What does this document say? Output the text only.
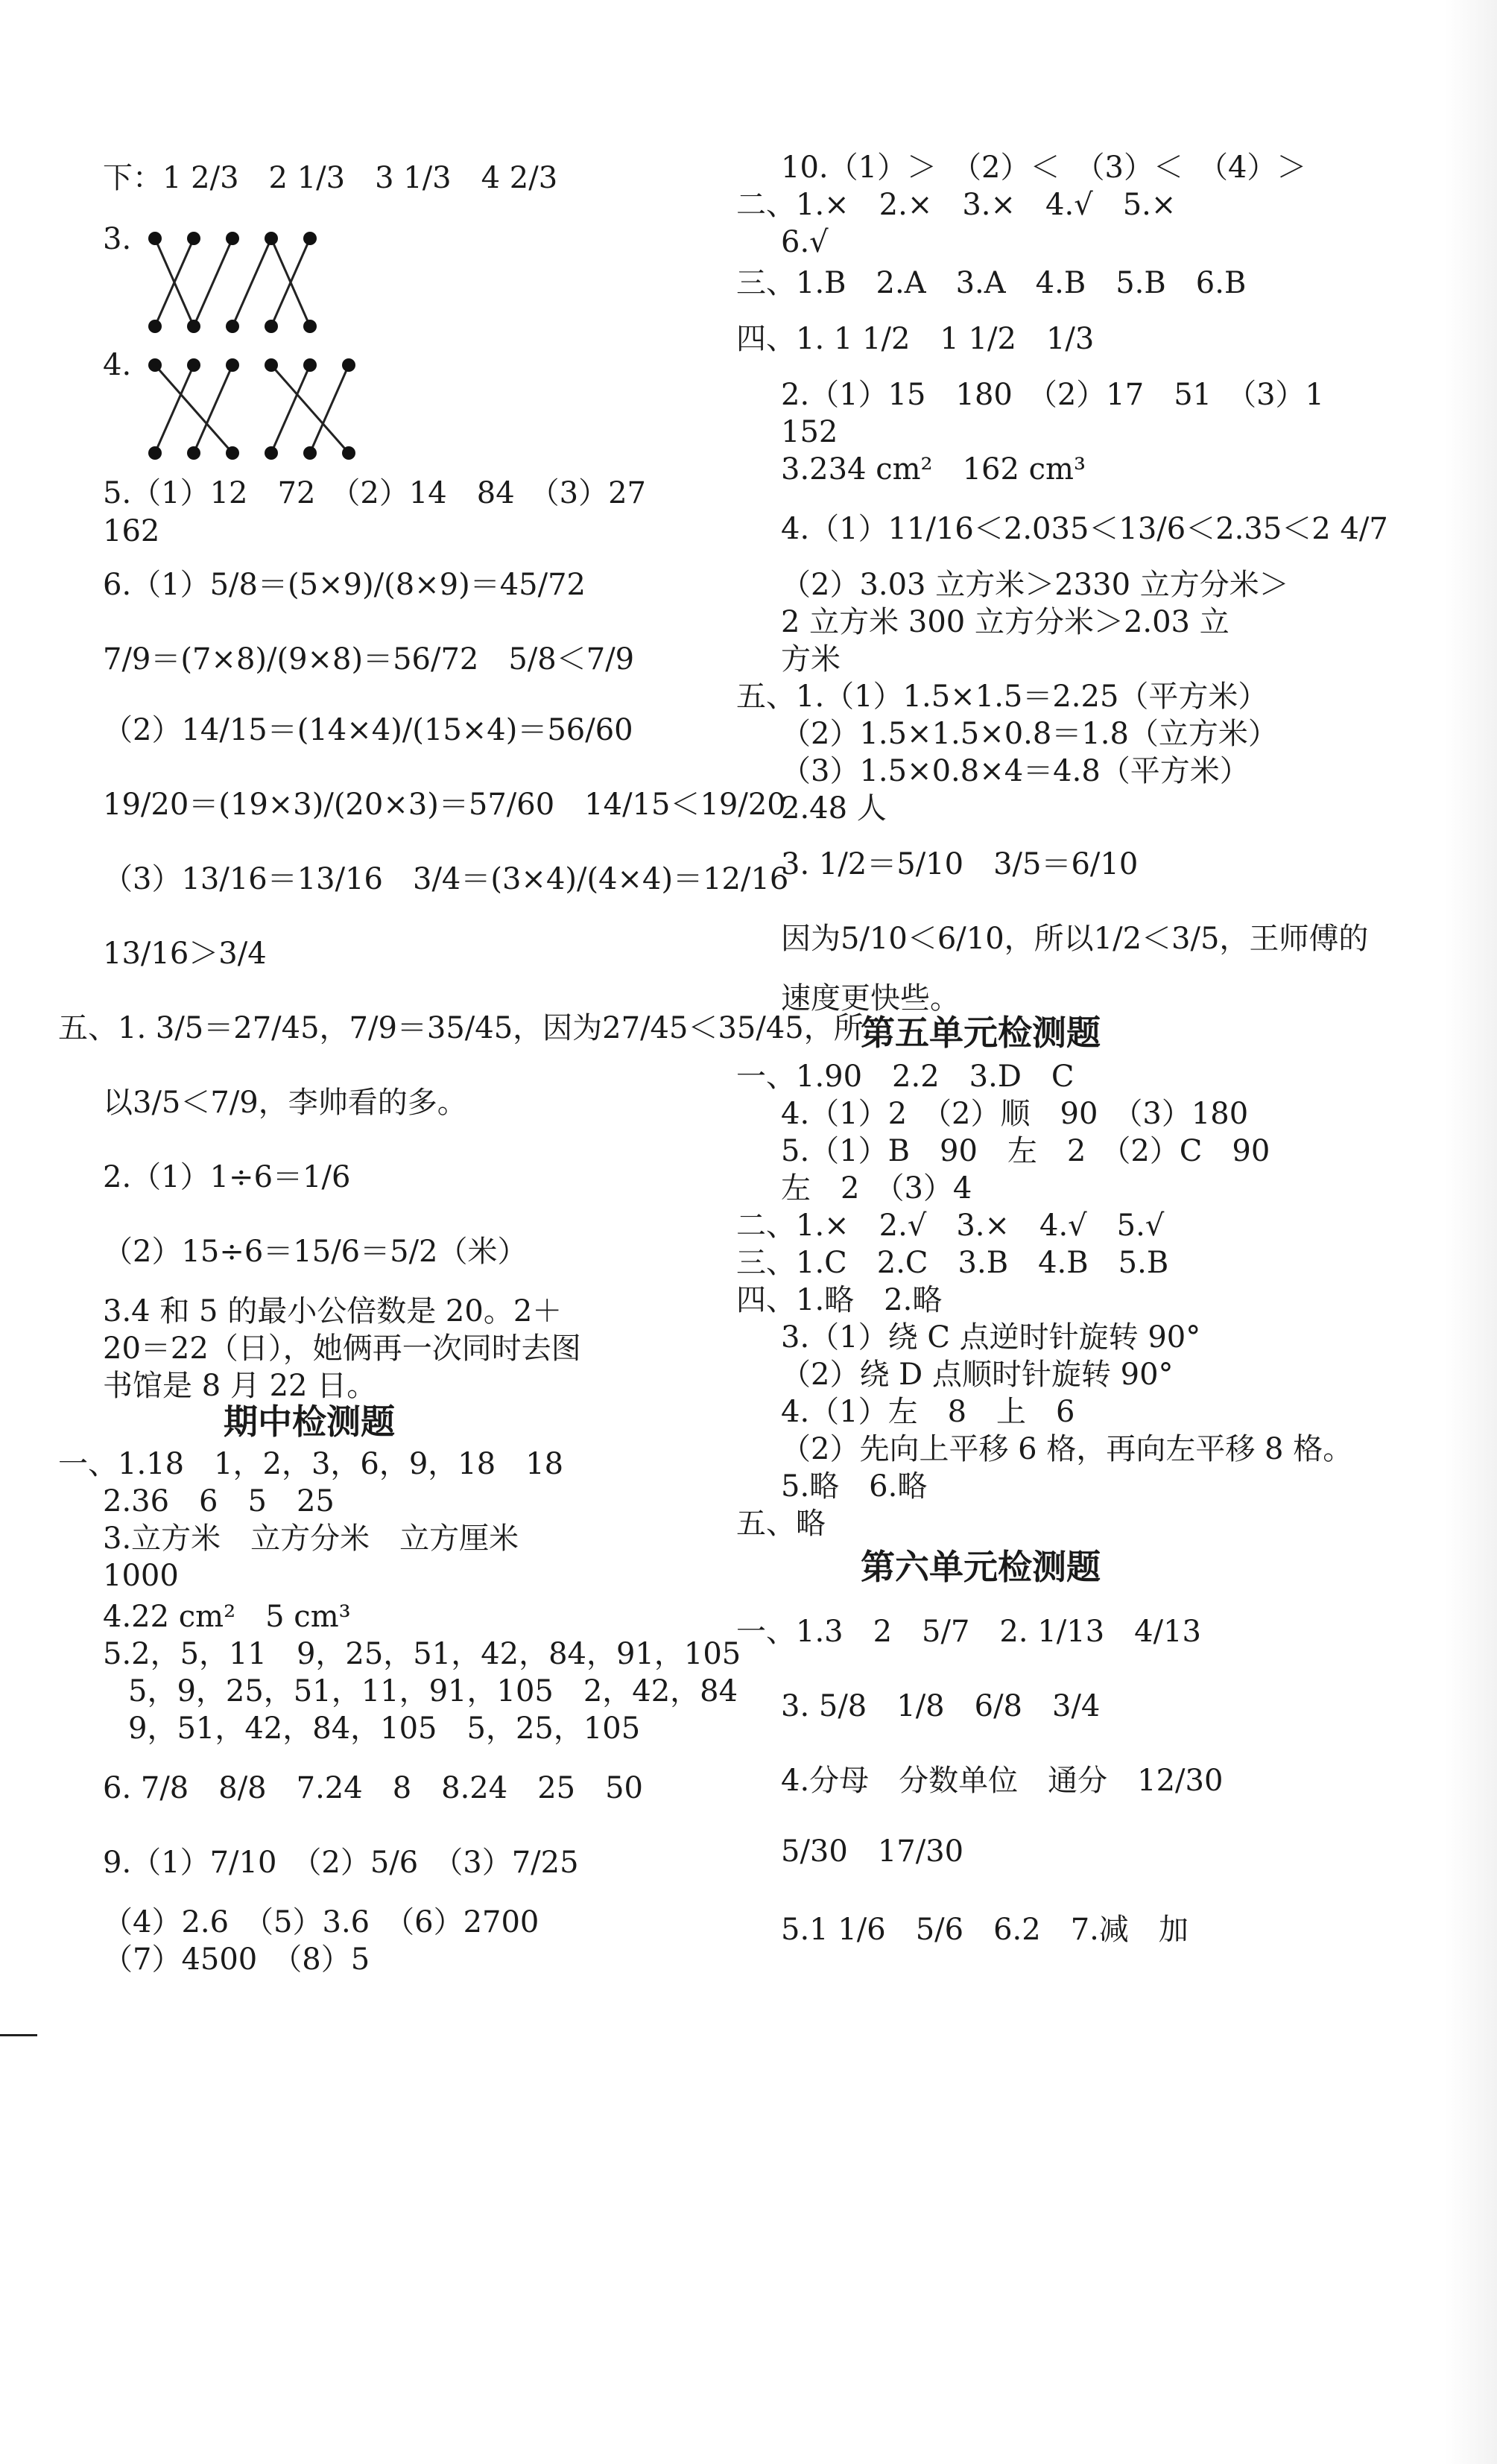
下：1 2/3　2 1/3　3 1/3　4 2/3
3.
4.
5.（1）12　72　（2）14　84　（3）27
162
6.（1）5/8＝(5×9)/(8×9)＝45/72
7/9＝(7×8)/(9×8)＝56/72　5/8＜7/9
（2）14/15＝(14×4)/(15×4)＝56/60
19/20＝(19×3)/(20×3)＝57/60　14/15＜19/20
（3）13/16＝13/16　3/4＝(3×4)/(4×4)＝12/16
13/16＞3/4
五、1. 3/5＝27/45，7/9＝35/45，因为27/45＜35/45，所
以3/5＜7/9，李帅看的多。
2.（1）1÷6＝1/6
（2）15÷6＝15/6＝5/2（米）
3.4 和 5 的最小公倍数是 20。2＋
20＝22（日），她俩再一次同时去图
书馆是 8 月 22 日。
期中检测题
一、1.18　1，2，3，6，9，18　18
2.36　6　5　25
3.立方米　立方分米　立方厘米
1000
4.22 cm²　5 cm³
5.2，5，11　9，25，51，42，84，91，105
5，9，25，51，11，91，105　2，42，84
9，51，42，84，105　5，25，105
6. 7/8　8/8　7.24　8　8.24　25　50
9.（1）7/10　（2）5/6　（3）7/25
（4）2.6　（5）3.6　（6）2700
（7）4500　（8）5
10.（1）＞　（2）＜　（3）＜　（4）＞
二、1.×　2.×　3.×　4.√　5.×
6.√
三、1.B　2.A　3.A　4.B　5.B　6.B
四、1. 1 1/2　1 1/2　1/3
2.（1）15　180　（2）17　51　（3）1
152
3.234 cm²　162 cm³
4.（1）11/16＜2.035＜13/6＜2.35＜2 4/7
（2）3.03 立方米＞2330 立方分米＞
2 立方米 300 立方分米＞2.03 立
方米
五、1.（1）1.5×1.5＝2.25（平方米）
（2）1.5×1.5×0.8＝1.8（立方米）
（3）1.5×0.8×4＝4.8（平方米）
2.48 人
3. 1/2＝5/10　3/5＝6/10
因为5/10＜6/10，所以1/2＜3/5，王师傅的
速度更快些。
第五单元检测题
一、1.90　2.2　3.D　C
4.（1）2　（2）顺　90　（3）180
5.（1）B　90　左　2　（2）C　90
左　2　（3）4
二、1.×　2.√　3.×　4.√　5.√
三、1.C　2.C　3.B　4.B　5.B
四、1.略　2.略
3.（1）绕 C 点逆时针旋转 90°
（2）绕 D 点顺时针旋转 90°
4.（1）左　8　上　6
（2）先向上平移 6 格，再向左平移 8 格。
5.略　6.略
五、略
第六单元检测题
一、1.3　2　5/7　2. 1/13　4/13
3. 5/8　1/8　6/8　3/4
4.分母　分数单位　通分　12/30
5/30　17/30
5.1 1/6　5/6　6.2　7.减　加
